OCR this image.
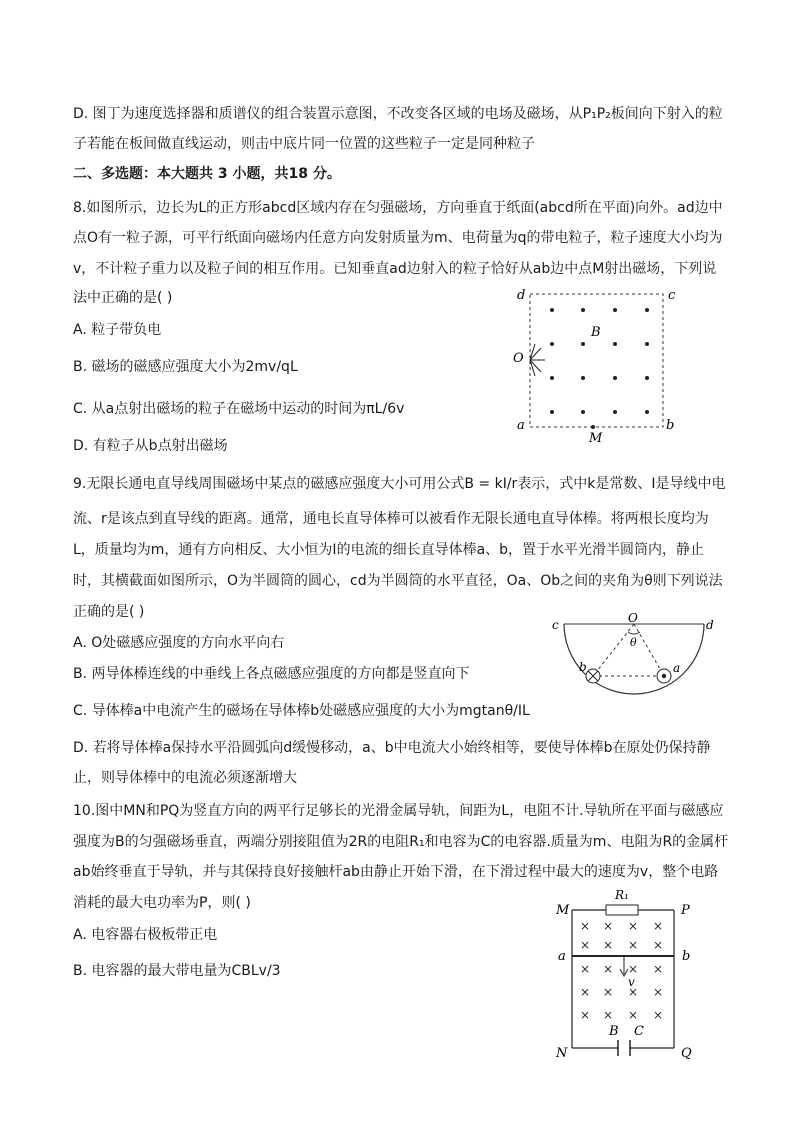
D. 图丁为速度选择器和质谱仪的组合装置示意图，不改变各区域的电场及磁场，从P₁P₂板间向下射入的粒
子若能在板间做直线运动，则击中底片同一位置的这些粒子一定是同种粒子
二、多选题：本大题共 3 小题，共18 分。
8.如图所示，边长为L的正方形abcd区域内存在匀强磁场，方向垂直于纸面(abcd所在平面)向外。ad边中
点O有一粒子源，可平行纸面向磁场内任意方向发射质量为m、电荷量为q的带电粒子，粒子速度大小均为
v，不计粒子重力以及粒子间的相互作用。已知垂直ad边射入的粒子恰好从ab边中点M射出磁场，下列说
法中正确的是( )
A. 粒子带负电
B. 磁场的磁感应强度大小为2mv/qL
C. 从a点射出磁场的粒子在磁场中运动的时间为πL/6v
D. 有粒子从b点射出磁场
d	c
a	b
O
M
B
9.无限长通电直导线周围磁场中某点的磁感应强度大小可用公式B = kI/r表示，式中k是常数、I是导线中电
流、r是该点到直导线的距离。通常，通电长直导体棒可以被看作无限长通电直导体棒。将两根长度均为
L，质量均为m，通有方向相反、大小恒为I的电流的细长直导体棒a、b，置于水平光滑半圆筒内，静止
时，其横截面如图所示，O为半圆筒的圆心，cd为半圆筒的水平直径，Oa、Ob之间的夹角为θ则下列说法
正确的是( )
A. O处磁感应强度的方向水平向右
B. 两导体棒连线的中垂线上各点磁感应强度的方向都是竖直向下
C. 导体棒a中电流产生的磁场在导体棒b处磁感应强度的大小为mgtanθ/IL
D. 若将导体棒a保持水平沿圆弧向d缓慢移动，a、b中电流大小始终相等，要使导体棒b在原处仍保持静
止，则导体棒中的电流必须逐渐增大
c	d
O
θ
a
b
10.图中MN和PQ为竖直方向的两平行足够长的光滑金属导轨，间距为L，电阻不计.导轨所在平面与磁感应
强度为B的匀强磁场垂直，两端分别接阻值为2R的电阻R₁和电容为C的电容器.质量为m、电阻为R的金属杆
ab始终垂直于导轨，并与其保持良好接触杆ab由静止开始下滑，在下滑过程中最大的速度为v，整个电路
消耗的最大电功率为P，则( )
A. 电容器右极板带正电
B. 电容器的最大带电量为CBLv/3
× × × ×
× × × ×
× × × ×
× × × ×
× × × ×
M	P
N	Q
R₁
a	b
v
B C
